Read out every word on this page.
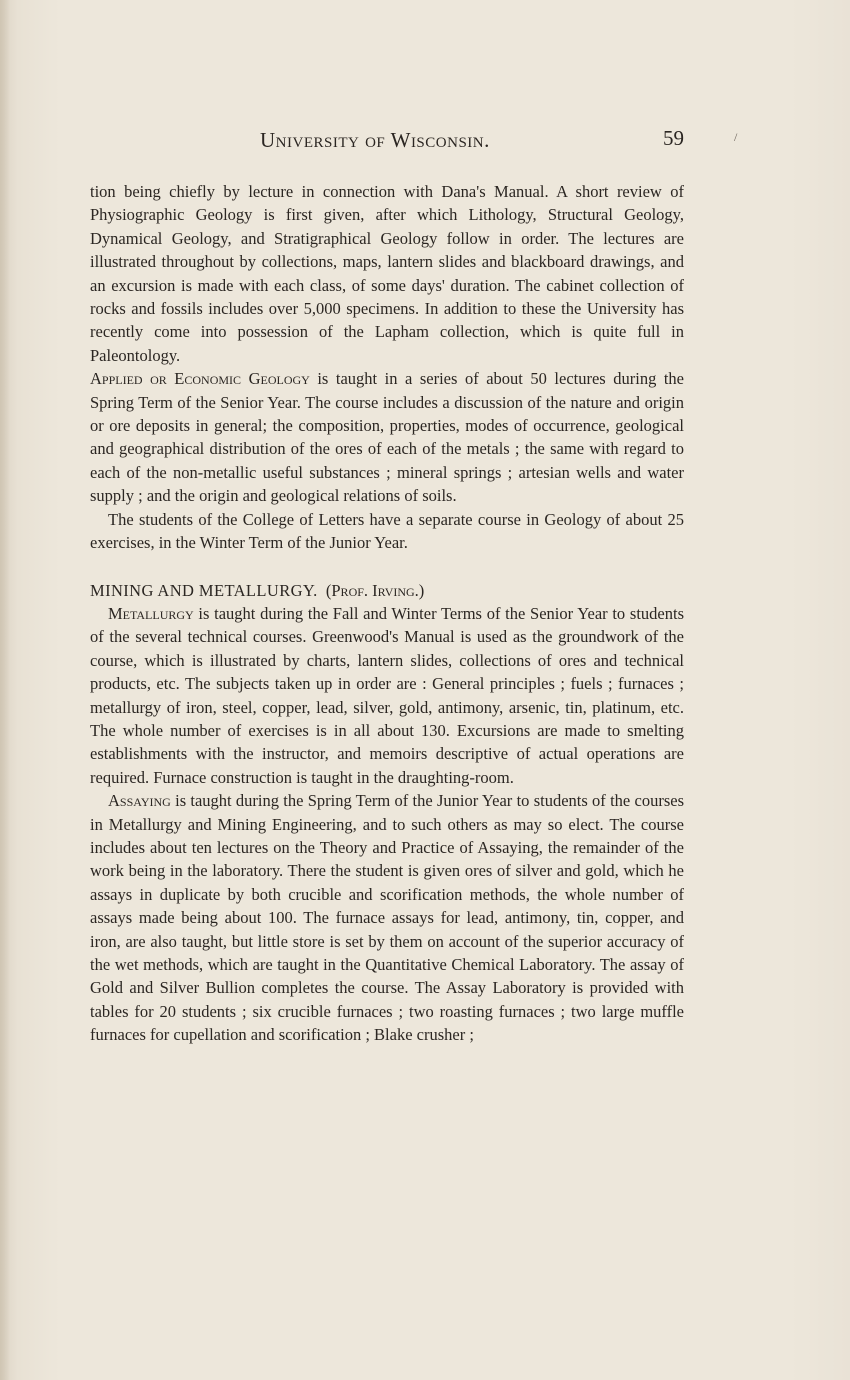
University of Wisconsin.	59	/

tion being chiefly by lecture in connection with Dana's Manual. A short review of Physiographic Geology is first given, after which Lithology, Structural Geology, Dynamical Geology, and Stratigraphical Geology follow in order. The lectures are illustrated throughout by collections, maps, lantern slides and blackboard drawings, and an excursion is made with each class, of some days' duration. The cabinet collection of rocks and fossils includes over 5,000 specimens. In addition to these the University has recently come into possession of the Lapham collection, which is quite full in Paleontology.

Applied or Economic Geology is taught in a series of about 50 lectures during the Spring Term of the Senior Year. The course includes a discussion of the nature and origin or ore deposits in general; the composition, properties, modes of occurrence, geological and geographical distribution of the ores of each of the metals ; the same with regard to each of the non-metallic useful substances ; mineral springs ; artesian wells and water supply ; and the origin and geological relations of soils.

The students of the College of Letters have a separate course in Geology of about 25 exercises, in the Winter Term of the Junior Year.

MINING AND METALLURGY. (Prof. Irving.)

Metallurgy is taught during the Fall and Winter Terms of the Senior Year to students of the several technical courses. Greenwood's Manual is used as the groundwork of the course, which is illustrated by charts, lantern slides, collections of ores and technical products, etc. The subjects taken up in order are : General principles ; fuels ; furnaces ; metallurgy of iron, steel, copper, lead, silver, gold, antimony, arsenic, tin, platinum, etc. The whole number of exercises is in all about 130. Excursions are made to smelting establishments with the instructor, and memoirs descriptive of actual operations are required. Furnace construction is taught in the draughting-room.

Assaying is taught during the Spring Term of the Junior Year to students of the courses in Metallurgy and Mining Engineering, and to such others as may so elect. The course includes about ten lectures on the Theory and Practice of Assaying, the remainder of the work being in the laboratory. There the student is given ores of silver and gold, which he assays in duplicate by both crucible and scorification methods, the whole number of assays made being about 100. The furnace assays for lead, antimony, tin, copper, and iron, are also taught, but little store is set by them on account of the superior accuracy of the wet methods, which are taught in the Quantitative Chemical Laboratory. The assay of Gold and Silver Bullion completes the course. The Assay Laboratory is provided with tables for 20 students ; six crucible furnaces ; two roasting furnaces ; two large muffle furnaces for cupellation and scorification ; Blake crusher ;
